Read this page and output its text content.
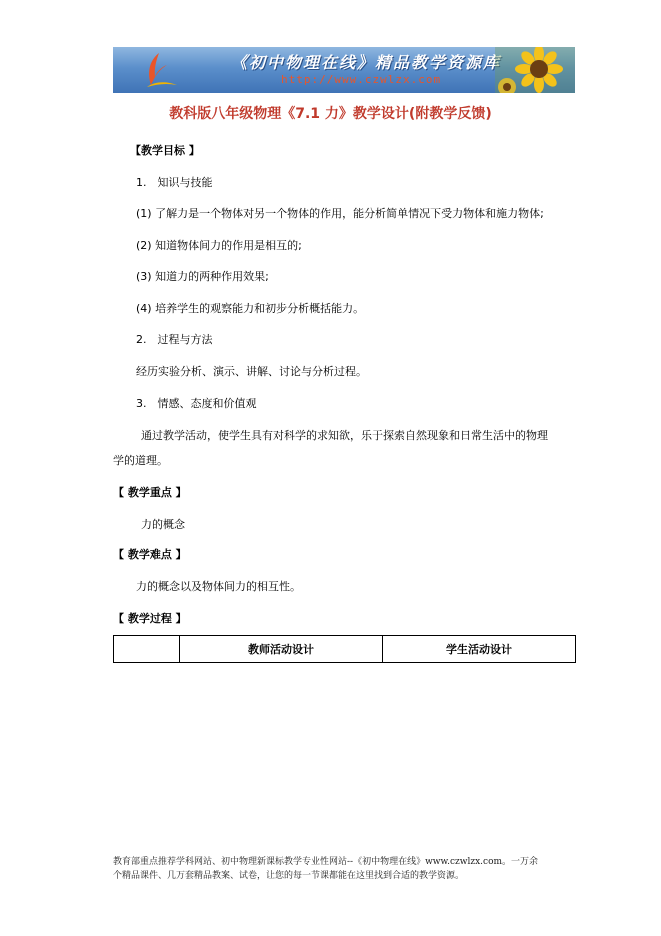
《初中物理在线》精品教学资源库
http://www.czwlzx.com
教科版八年级物理《7.1 力》教学设计(附教学反馈)
【教学目标 】
1.　知识与技能
(1) 了解力是一个物体对另一个物体的作用，能分析简单情况下受力物体和施力物体;
(2) 知道物体间力的作用是相互的;
(3) 知道力的两种作用效果;
(4) 培养学生的观察能力和初步分析概括能力。
2.　过程与方法
经历实验分析、演示、讲解、讨论与分析过程。
3.　情感、态度和价值观
通过教学活动，使学生具有对科学的求知欲，乐于探索自然现象和日常生活中的物理
学的道理。
【 教学重点 】
力的概念
【 教学难点 】
力的概念以及物体间力的相互性。
【 教学过程 】
	教师活动设计	学生活动设计
教育部重点推荐学科网站、初中物理新课标教学专业性网站--《初中物理在线》www.czwlzx.com。一万余
个精品课件、几万套精品教案、试卷，让您的每一节课都能在这里找到合适的教学资源。
